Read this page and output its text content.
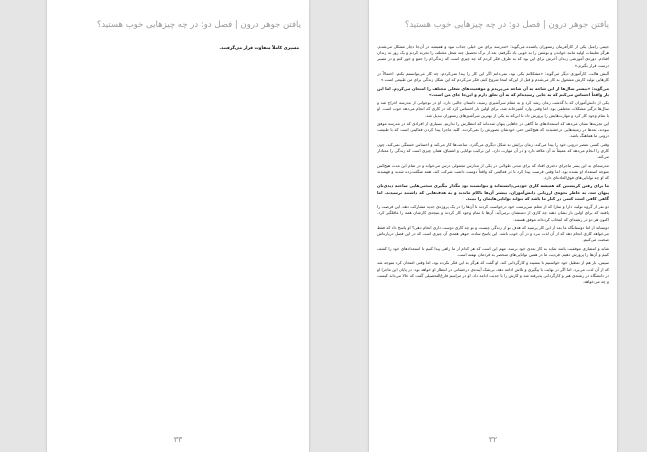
یافتن جوهر درون | فصل دو: در چه چیزهایی خوب هستید؟
مسیری کاملاً متفاوت قرار می‌گرفتند.
۳۳
یافتن جوهر درون | فصل دو: در چه چیزهایی خوب هستید؟

جیمی رامبل یکی از کارآفرینان رستوران پاشنده می‌گوید: «مدرسه برای من خیلی جذاب نبود و همیشه در آن‌جا دچار مشکل می‌شدم. هرگز تعلیمات اولیه مانند خواندن و نوشتن را به خوبی یاد نگرفتم. بعد از ترک تحصیل چند شغل مختلف را تجربه کردم و یک روز به زندان افتادم. دوره‌ی آموزشی زندان آخرش برای این بود که به طرف فکر کردم که چه چیزی است که زندگی‌ام را جمع و جور کنم و در مسیر درست قرار بگیرم.»

آلیش هالت، کارآموزی دیگر می‌گوید: «مشکلاتم یکی بود، نمی‌دانم اگر این کار را پیدا نمی‌کردم، چه کار می‌توانستم بکنم. احتمالاً در کارهایی تولید کارش مشغول به کار می‌شدم و قبل از این‌که اینجا شروع کنم، فکر می‌کردم که این شکل زندگی برای من طبیعی است.»

می‌گوید: «بیشتر سال‌ها از این شاخه به آن شاخه می‌پریدم و موقعیت‌های شغلی مختلف را امتحان می‌کردم. اما این بار واقعاً احساس می‌کنم که به جایی رسیده‌ام که به آن تعلق دارم و این‌جا جای من است.»

یکی از دانش‌آموزان که با گذشت زمان رشد کرد و به مقام سرآشپزی رسید، داستان جالبی دارد. او در نوجوانی از مدرسه اخراج شد و سال‌ها درگیر مشکلات مختلفی بود. اما وقتی وارد آشپزخانه شد، برای اولین بار احساس کرد که در کاری که انجام می‌دهد خوب است. او با تمام وجود کار کرد و مهارت‌هایش را پرورش داد تا این‌که به یکی از بهترین سرآشپزهای رستوران تبدیل شد.

این تجربه‌ها نشان می‌دهد که استعدادهای ما گاهی در جاهایی پنهان شده‌اند که انتظارش را نداریم. بسیاری از افرادی که در مدرسه موفق نبودند، بعدها در زمینه‌هایی درخشیدند که هیچ‌کس حتی خودشان تصورش را نمی‌کردند. کلید ماجرا پیدا کردن فعالیتی است که با طبیعت درونی ما هماهنگ باشد.

وقتی کسی عنصر درونی خود را پیدا می‌کند، زمان برایش به شکل دیگری می‌گذرد. ساعت‌ها کار می‌کند و احساس خستگی نمی‌کند، چون کاری را انجام می‌دهد که عمیقاً به آن علاقه دارد و در آن مهارت دارد. این ترکیب توانایی و اشتیاق، همان چیزی است که زندگی را معنادار می‌کند.

مدرسه‌ای به این پسر ماجرای دختری افتاد که برای مدتی طولانی در یکی از مدارس معمولی درس می‌خواند و در تمام این مدت هیچ‌کس متوجه استعداد او نشده بود. اما وقتی فرصت پیدا کرد تا در فعالیتی که واقعاً دوست داشت شرکت کند، همه شگفت‌زده شدند و فهمیدند که او چه توانایی‌های فوق‌العاده‌ای دارد.

ما برای رفتن کریستین که همیشه کاری خودمی‌دانسته‌اند و نتوانستند بود مگذار بیگیری سختی‌هایی ساخته دیدی‌تان پنهان شد، به خاطر نحوه‌ی ارزیابی دانش‌آموزان، بیشتر آن‌ها ناکام ماندند و به هدف‌هایی که داشتند نرسیدند. اما گاهی کافی است کسی در کنار ما باشد که بتواند توانایی‌هایمان را ببیند.

دو نفر از گروه تولید، دارا و سارا که از معلم سرپرست خود درخواست کردند تا آن‌ها را در یک پروژه‌ی جدید مشارکت دهد، این فرصت را یافتند که برای اولین بار نشان دهند چه کاری از دستشان برمی‌آید. آن‌ها با تمام وجود کار کردند و نتیجه‌ی کارشان همه را غافلگیر کرد. اکنون هر دو در رشته‌ای که انتخاب کرده‌اند موفق هستند.

دوستانه از اما دوستانگاه ما بعد از این کار پرسید که هدف تو از زندگی چیست و تو چه کاری دوست داری انجام دهی؟ او پاسخ داد که فقط می‌خواهد کاری انجام دهد که از آن لذت ببرد و در آن خوب باشد. این پاسخ ساده، جوهر همه‌ی آن چیزی است که در این فصل درباره‌اش صحبت می‌کنیم.

شاید و انتشاری موفقیت باشد شاید به کار بعدی خود برسد. مهم این است که هر کدام از ما راهی پیدا کنیم تا استعدادهای خود را کشف کنیم و آن‌ها را پرورش دهیم. فردیت ما در همین توانایی‌های منحصر به فردمان نهفته است.

سپس، باز هم از تعطیل خود خواستیم تا بنشیند و کارگردانی کند. او گفت که هرگز به این فکر نکرده بود، اما وقتی امتحان کرد متوجه شد که از آن لذت می‌برد. اما اگر در نهایت با پیگیری و تلاش ادامه دهد، بی‌شک آینده‌ی درخشانی در انتظار او خواهد بود. در پایان این ماجرا او در دانشگاه در رشته‌ی هنر و کارگردانی پذیرفته شد و کارش را با جدیت ادامه داد. او در مراسم فارغ‌التحصیلی گفت که حالا می‌داند کیست و چه می‌خواهد.

۳۲
